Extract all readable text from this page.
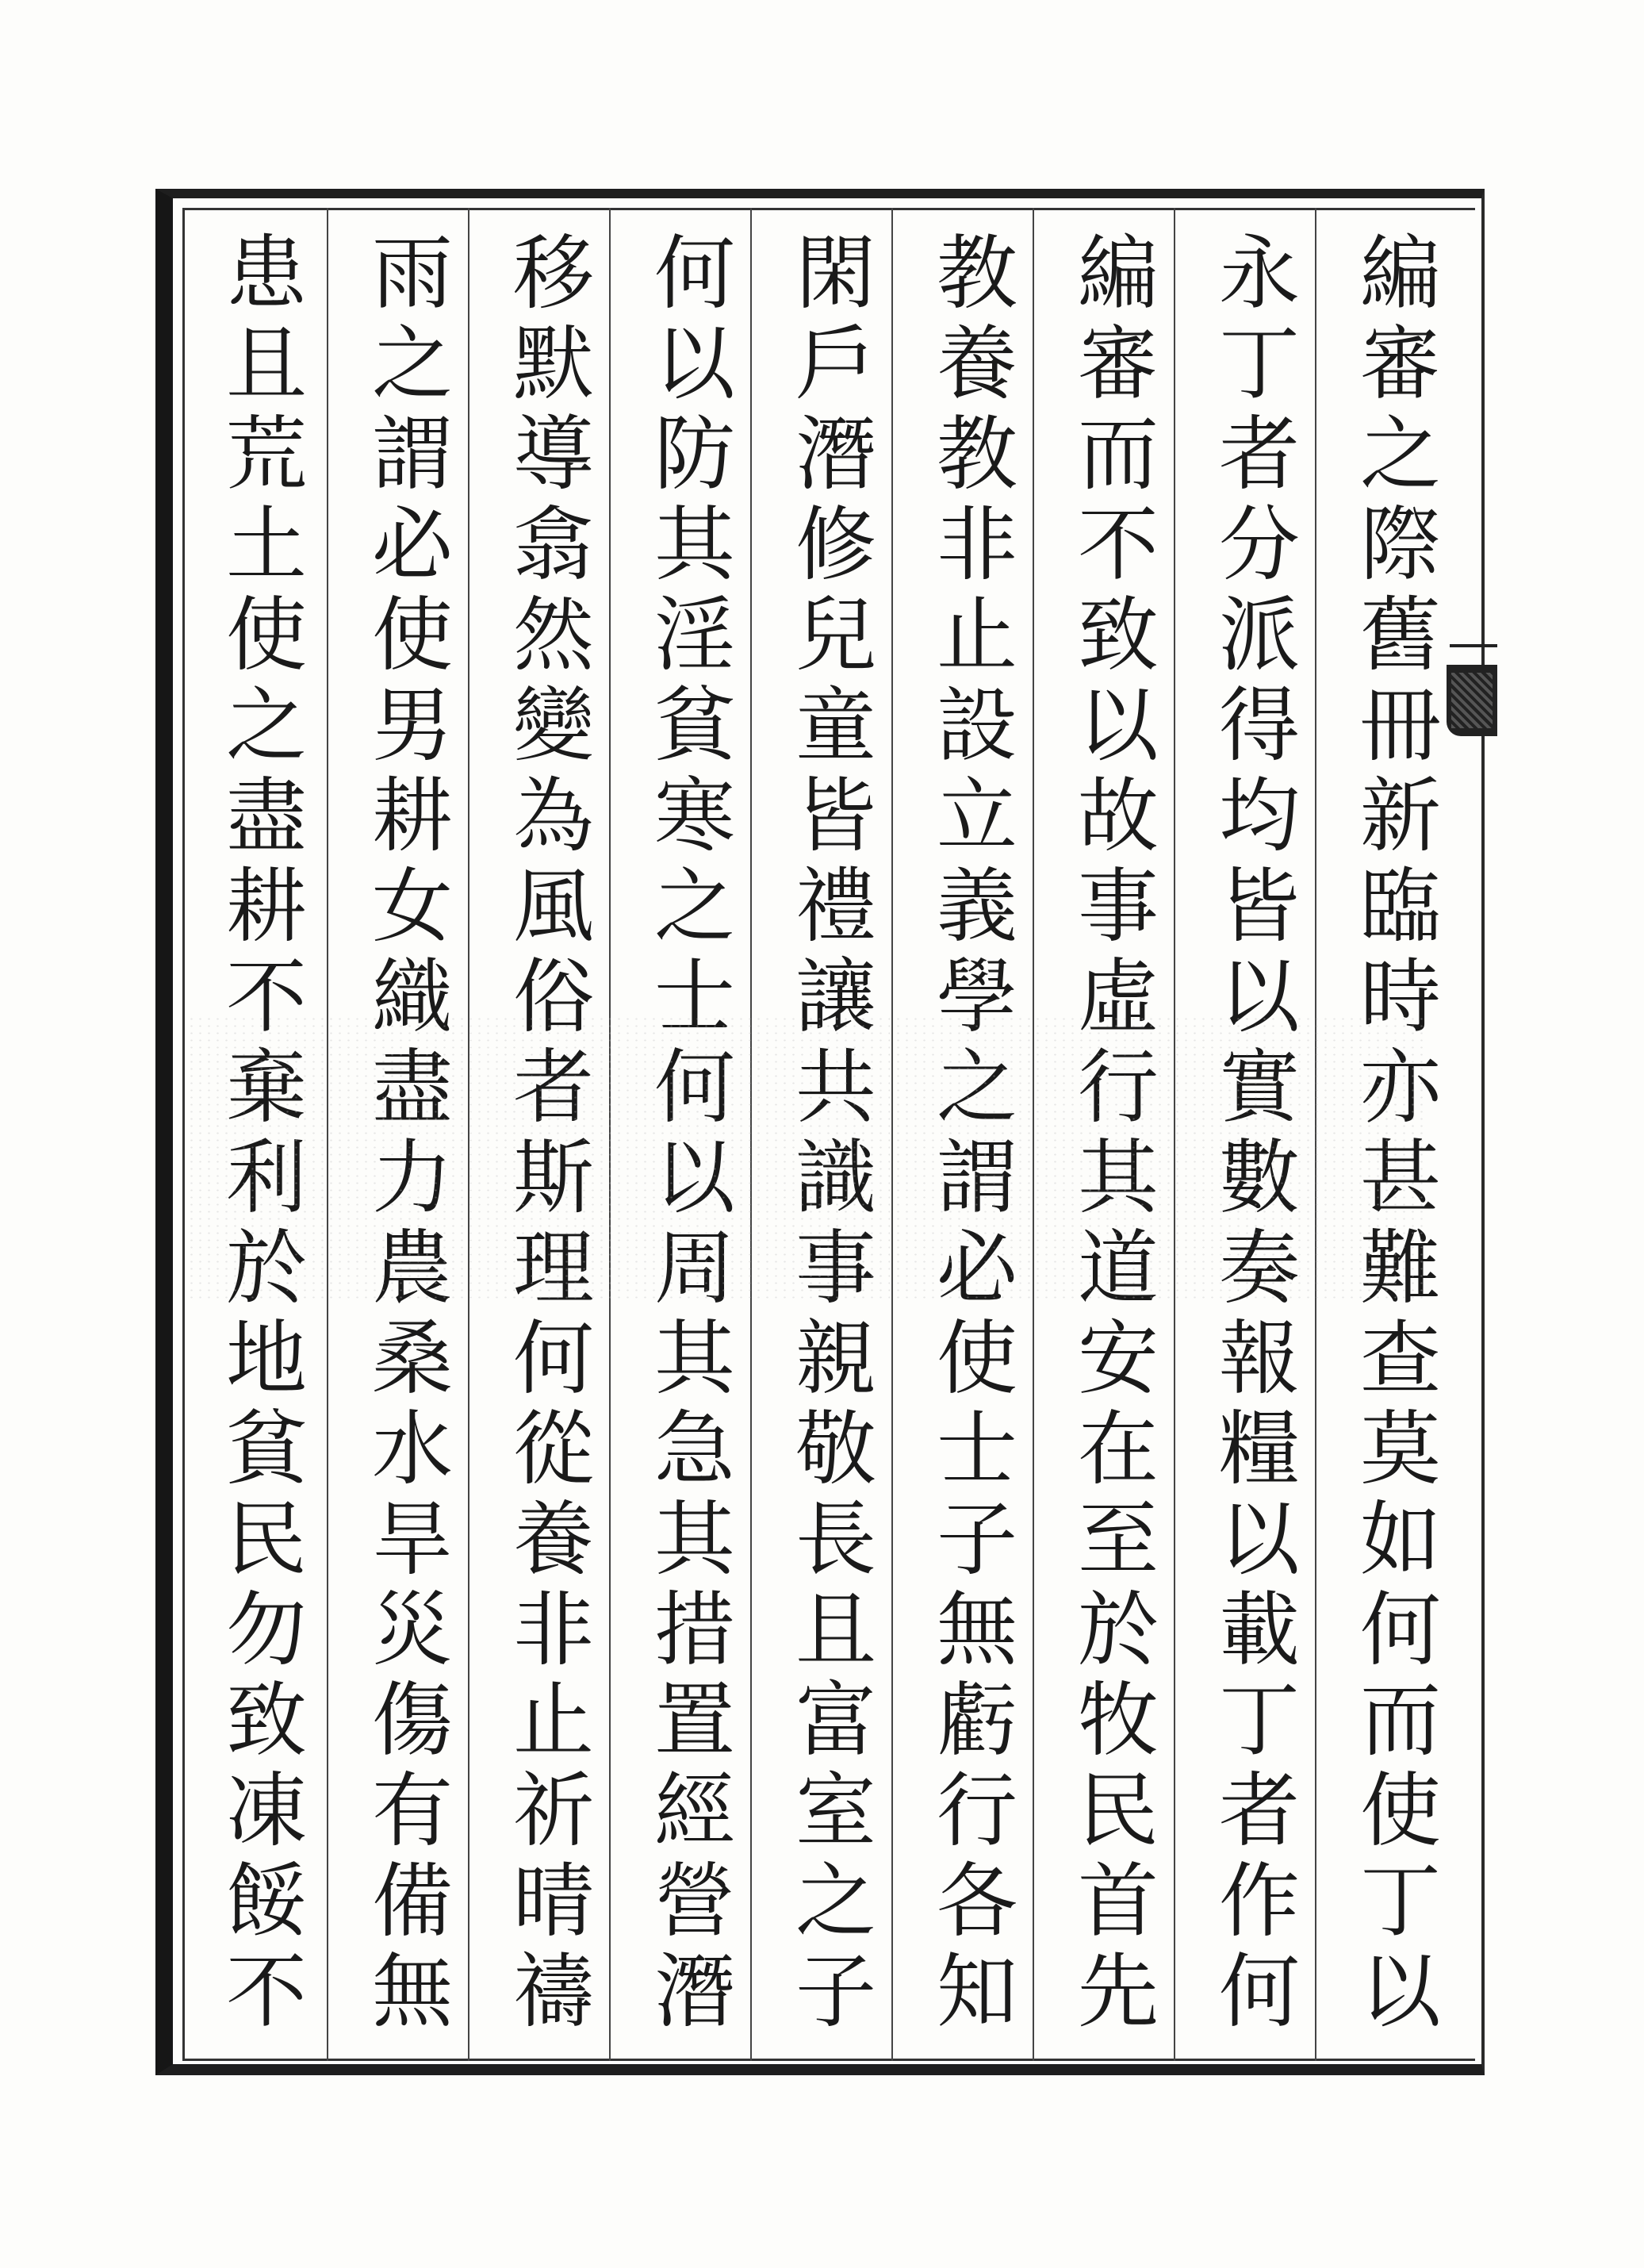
編審之際舊冊新臨時亦甚難查莫如何而使丁以
永丁者分派得均皆以實數奏報糧以載丁者作何
編審而不致以故事虛行其道安在至於牧民首先
教養教非止設立義學之謂必使士子無虧行各知
閑戶潛修兒童皆禮讓共識事親敬長且富室之子
何以防其淫貧寒之士何以周其急其措置經營潛
移默導翕然變為風俗者斯理何從養非止祈晴禱
雨之謂必使男耕女織盡力農桑水旱災傷有備無
患且荒土使之盡耕不棄利於地貧民勿致凍餒不
